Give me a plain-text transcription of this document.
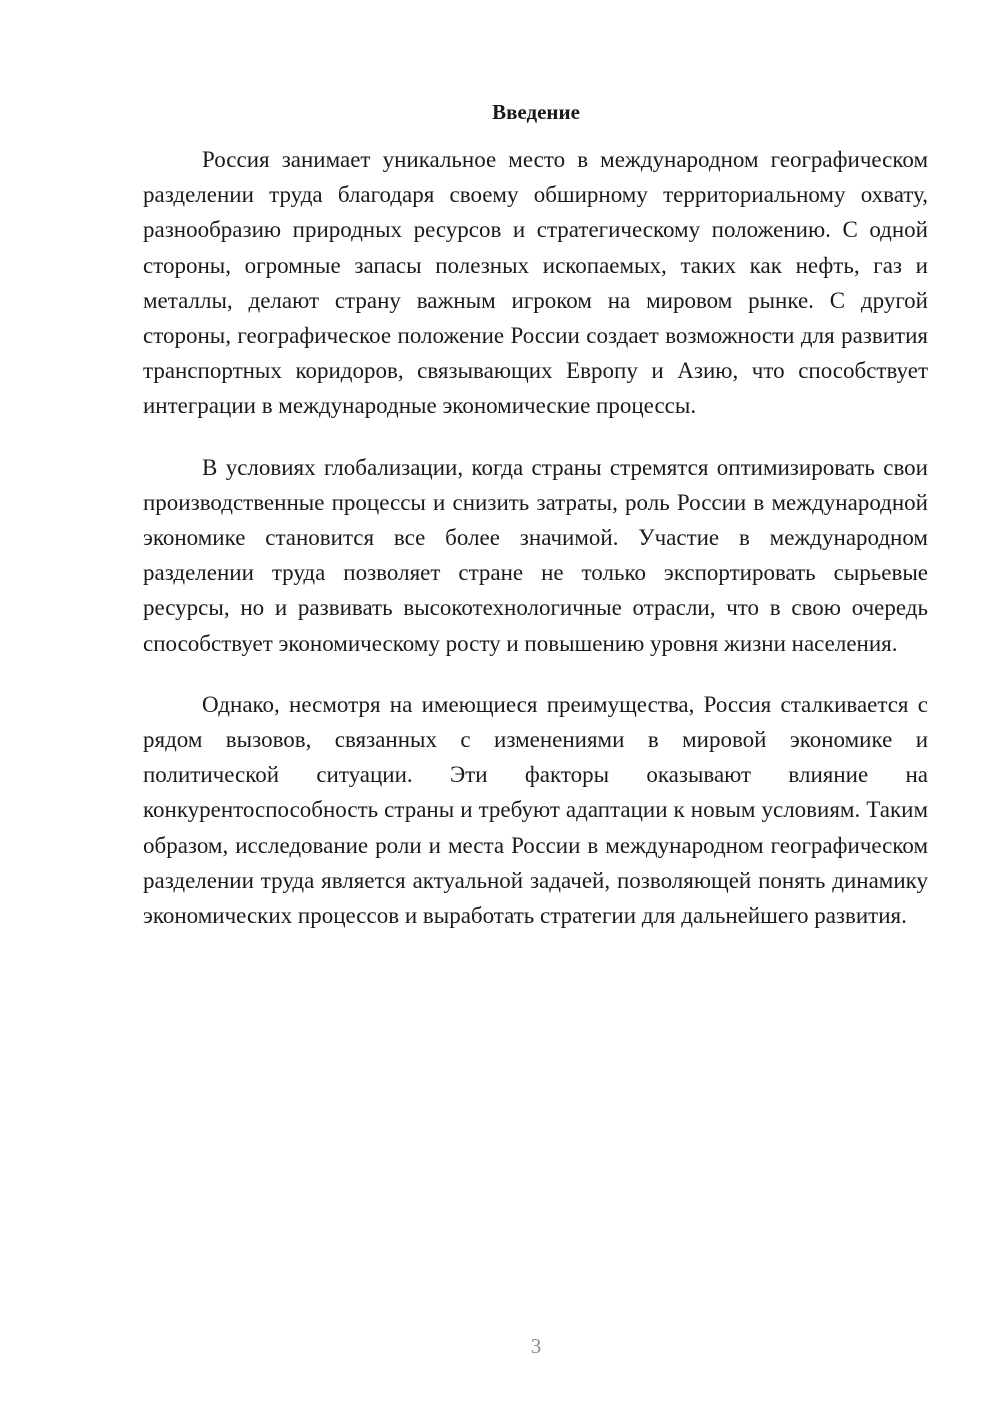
Введение

Россия занимает уникальное место в международном географическом разделении труда благодаря своему обширному территориальному охвату, разнообразию природных ресурсов и стратегическому положению. С одной стороны, огромные запасы полезных ископаемых, таких как нефть, газ и металлы, делают страну важным игроком на мировом рынке. С другой стороны, географическое положение России создает возможности для развития транспортных коридоров, связывающих Европу и Азию, что способствует интеграции в международные экономические процессы.

В условиях глобализации, когда страны стремятся оптимизировать свои производственные процессы и снизить затраты, роль России в международной экономике становится все более значимой. Участие в международном разделении труда позволяет стране не только экспортировать сырьевые ресурсы, но и развивать высокотехнологичные отрасли, что в свою очередь способствует экономическому росту и повышению уровня жизни населения.

Однако, несмотря на имеющиеся преимущества, Россия сталкивается с рядом вызовов, связанных с изменениями в мировой экономике и политической ситуации. Эти факторы оказывают влияние на конкурентоспособность страны и требуют адаптации к новым условиям. Таким образом, исследование роли и места России в международном географическом разделении труда является актуальной задачей, позволяющей понять динамику экономических процессов и выработать стратегии для дальнейшего развития.

3
